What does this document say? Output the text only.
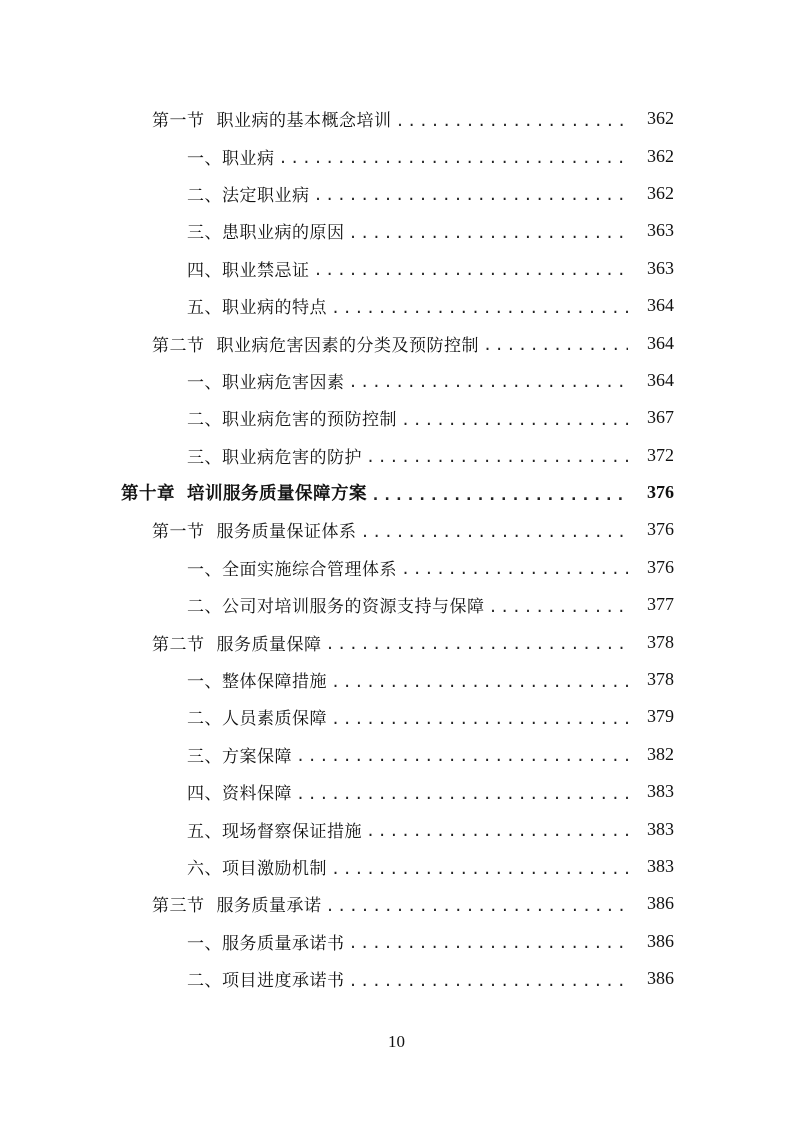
第一节 职业病的基本概念培训 . . .	362
一、职业病 . . .	362
二、法定职业病 . . .	362
三、患职业病的原因 . . .	363
四、职业禁忌证 . . .	363
五、职业病的特点 . . .	364
第二节 职业病危害因素的分类及预防控制 . . .	364
一、职业病危害因素 . . .	364
二、职业病危害的预防控制 . . .	367
三、职业病危害的防护 . . .	372
第十章 培训服务质量保障方案 . . .	376
第一节 服务质量保证体系 . . .	376
一、全面实施综合管理体系 . . .	376
二、公司对培训服务的资源支持与保障 . . .	377
第二节 服务质量保障 . . .	378
一、整体保障措施 . . .	378
二、人员素质保障 . . .	379
三、方案保障 . . .	382
四、资料保障 . . .	383
五、现场督察保证措施 . . .	383
六、项目激励机制 . . .	383
第三节 服务质量承诺 . . .	386
一、服务质量承诺书 . . .	386
二、项目进度承诺书 . . .	386
10
